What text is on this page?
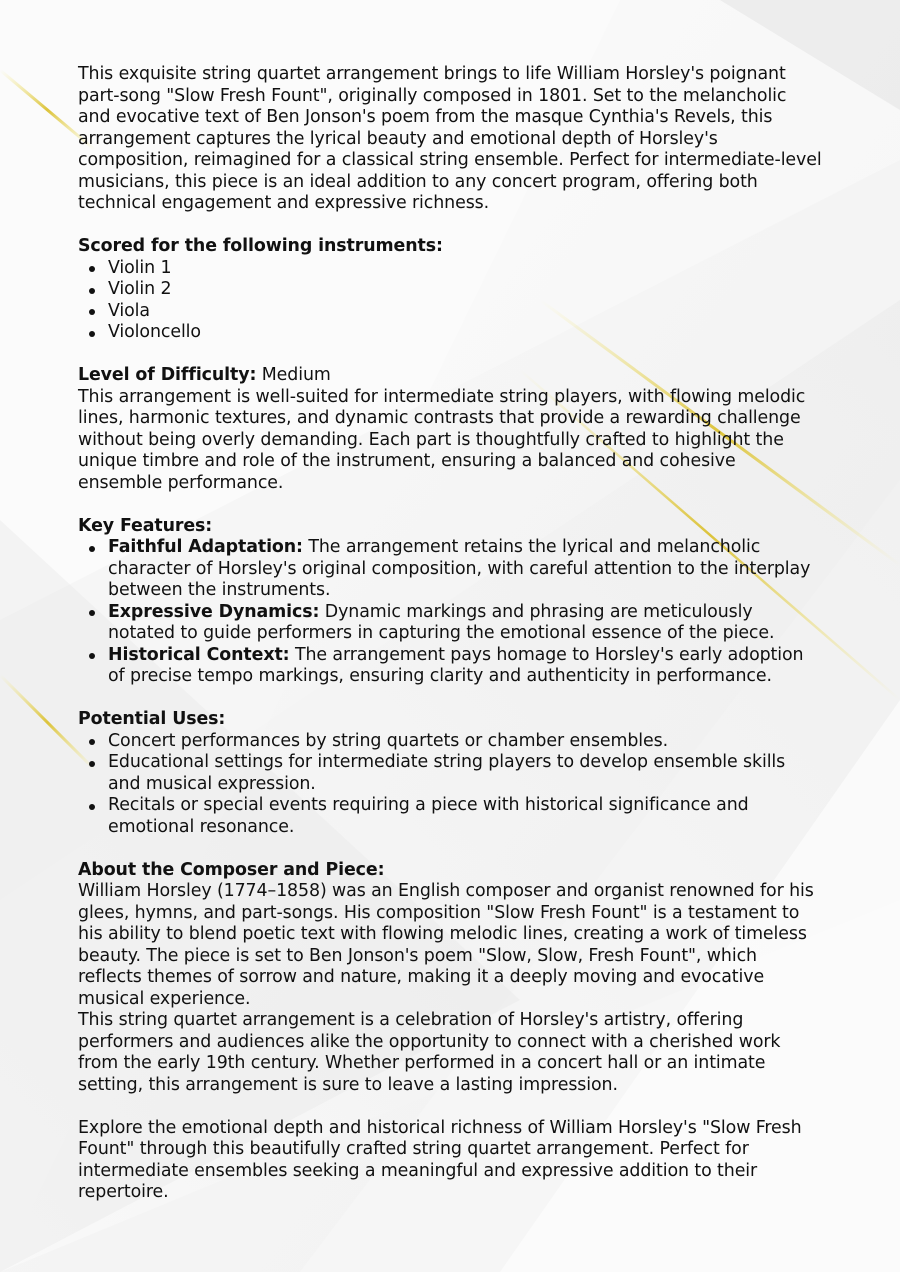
This exquisite string quartet arrangement brings to life William Horsley's poignant part-song "Slow Fresh Fount", originally composed in 1801. Set to the melancholic and evocative text of Ben Jonson's poem from the masque Cynthia's Revels, this arrangement captures the lyrical beauty and emotional depth of Horsley's composition, reimagined for a classical string ensemble. Perfect for intermediate-level musicians, this piece is an ideal addition to any concert program, offering both technical engagement and expressive richness.

Scored for the following instruments:

Violin 1
Violin 2
Viola
Violoncello

Level of Difficulty: Medium

This arrangement is well-suited for intermediate string players, with flowing melodic lines, harmonic textures, and dynamic contrasts that provide a rewarding challenge without being overly demanding. Each part is thoughtfully crafted to highlight the unique timbre and role of the instrument, ensuring a balanced and cohesive ensemble performance.

Key Features:

Faithful Adaptation: The arrangement retains the lyrical and melancholic character of Horsley's original composition, with careful attention to the interplay between the instruments.
Expressive Dynamics: Dynamic markings and phrasing are meticulously notated to guide performers in capturing the emotional essence of the piece.
Historical Context: The arrangement pays homage to Horsley's early adoption of precise tempo markings, ensuring clarity and authenticity in performance.

Potential Uses:

Concert performances by string quartets or chamber ensembles.
Educational settings for intermediate string players to develop ensemble skills and musical expression.
Recitals or special events requiring a piece with historical significance and emotional resonance.

About the Composer and Piece:

William Horsley (1774–1858) was an English composer and organist renowned for his glees, hymns, and part-songs. His composition "Slow Fresh Fount" is a testament to his ability to blend poetic text with flowing melodic lines, creating a work of timeless beauty. The piece is set to Ben Jonson's poem "Slow, Slow, Fresh Fount", which reflects themes of sorrow and nature, making it a deeply moving and evocative musical experience.

This string quartet arrangement is a celebration of Horsley's artistry, offering performers and audiences alike the opportunity to connect with a cherished work from the early 19th century. Whether performed in a concert hall or an intimate setting, this arrangement is sure to leave a lasting impression.

Explore the emotional depth and historical richness of William Horsley's "Slow Fresh Fount" through this beautifully crafted string quartet arrangement. Perfect for intermediate ensembles seeking a meaningful and expressive addition to their repertoire.
